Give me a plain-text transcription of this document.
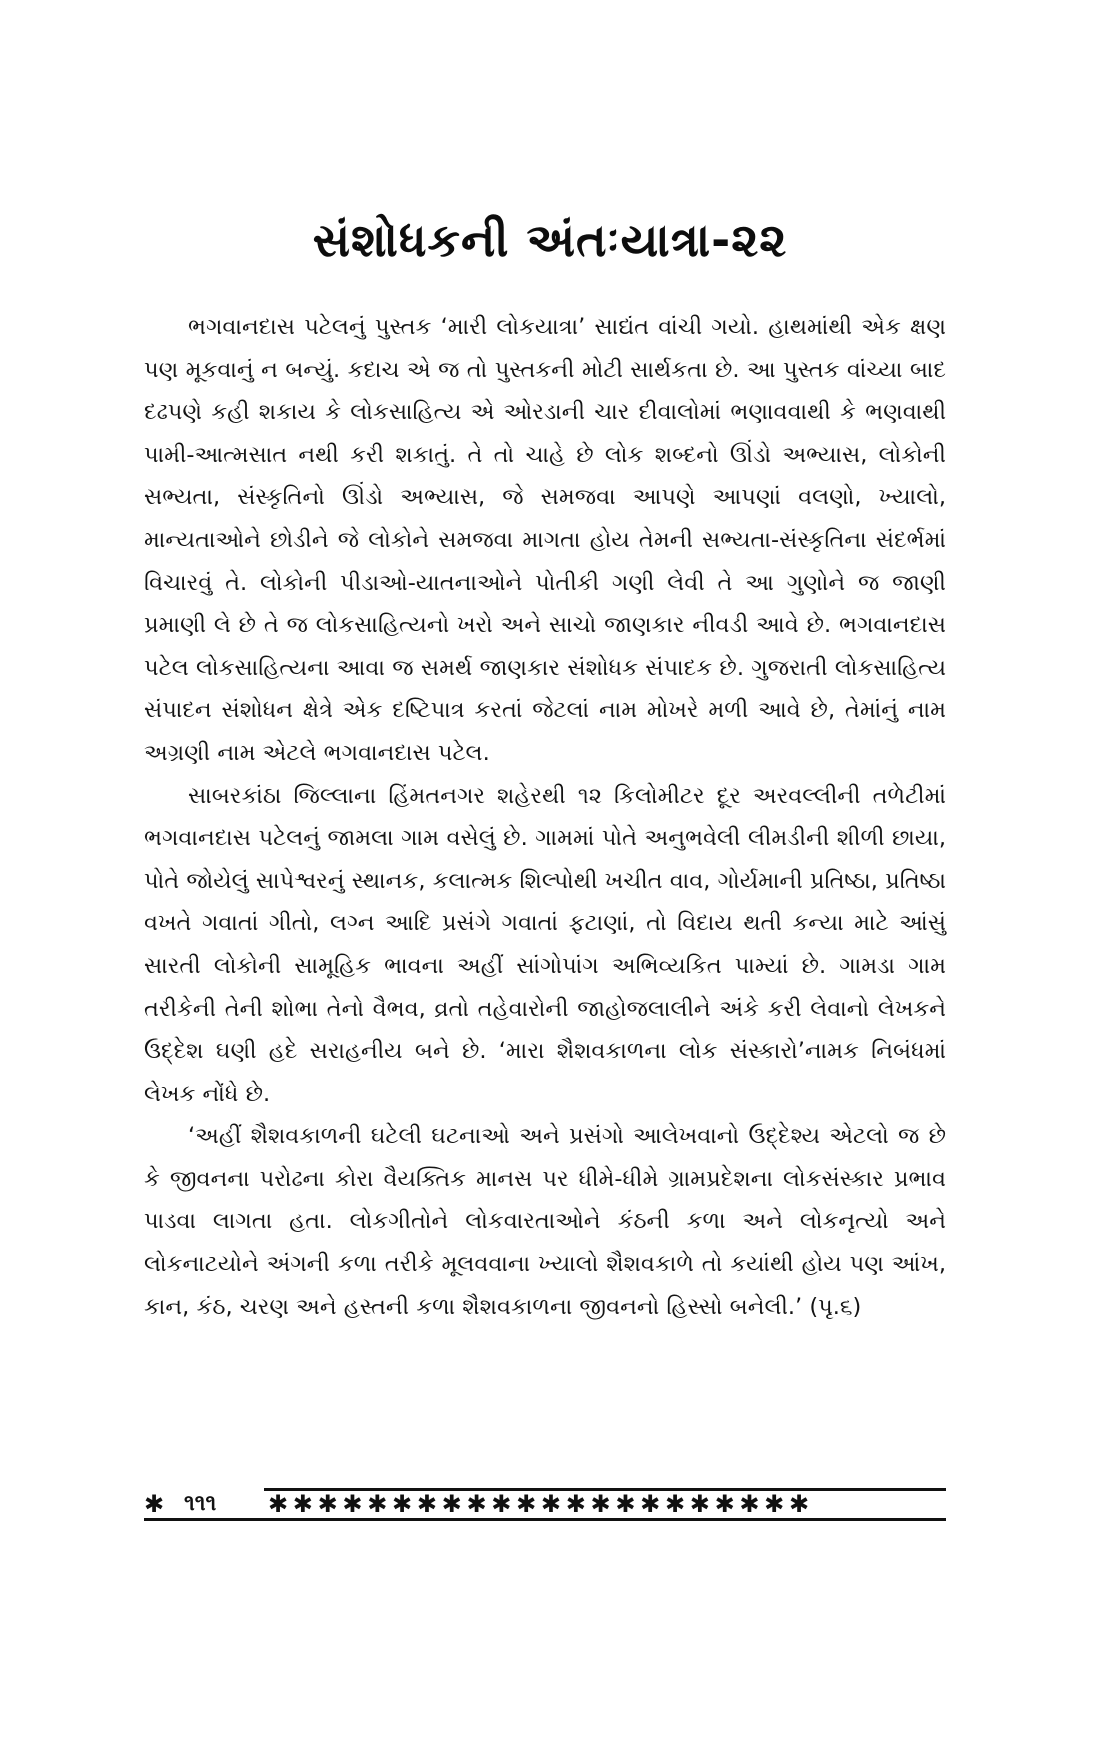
સંશોધકની અંતઃયાત્રા-૨૨

ભગવાનદાસ પટેલનું પુસ્તક ‘મારી લોકયાત્રા’ સાદ્યંત વાંચી ગયો. હાથમાંથી એક ક્ષણ પણ મૂકવાનું ન બન્યું. કદાચ એ જ તો પુસ્તકની મોટી સાર્થકતા છે. આ પુસ્તક વાંચ્યા બાદ દઢપણે કહી શકાય કે લોકસાહિત્ય એ ઓરડાની ચાર દીવાલોમાં ભણાવવાથી કે ભણવાથી પામી-આત્મસાત નથી કરી શકાતું. તે તો ચાહે છે લોક શબ્દનો ઊંડો અભ્યાસ, લોકોની સભ્યતા, સંસ્કૃતિનો ઊંડો અભ્યાસ, જે સમજવા આપણે આપણાં વલણો, ખ્યાલો, માન્યતાઓને છોડીને જે લોકોને સમજવા માગતા હોય તેમની સભ્યતા-સંસ્કૃતિના સંદર્ભમાં વિચારવું તે. લોકોની પીડાઓ-યાતનાઓને પોતીકી ગણી લેવી તે આ ગુણોને જ જાણી પ્રમાણી લે છે તે જ લોકસાહિત્યનો ખરો અને સાચો જાણકાર નીવડી આવે છે. ભગવાનદાસ પટેલ લોકસાહિત્યના આવા જ સમર્થ જાણકાર સંશોધક સંપાદક છે. ગુજરાતી લોકસાહિત્ય સંપાદન સંશોધન ક્ષેત્રે એક દષ્ટિપાત્ર કરતાં જેટલાં નામ મોખરે મળી આવે છે, તેમાંનું નામ અગ્રણી નામ એટલે ભગવાનદાસ પટેલ.

સાબરકાંઠા જિલ્લાના હિંમતનગર શહેરથી ૧૨ કિલોમીટર દૂર અરવલ્લીની તળેટીમાં ભગવાનદાસ પટેલનું જામલા ગામ વસેલું છે. ગામમાં પોતે અનુભવેલી લીમડીની શીળી છાયા, પોતે જોયેલું સાપેશ્વરનું સ્થાનક, કલાત્મક શિલ્પોથી ખચીત વાવ, ગોર્યમાની પ્રતિષ્ઠા, પ્રતિષ્ઠા વખતે ગવાતાં ગીતો, લગ્ન આદિ પ્રસંગે ગવાતાં ફટાણાં, તો વિદાય થતી કન્યા માટે આંસું સારતી લોકોની સામૂહિક ભાવના અહીં સાંગોપાંગ અભિવ્યકિત પામ્યાં છે. ગામડા ગામ તરીકેની તેની શોભા તેનો વૈભવ, વ્રતો તહેવારોની જાહોજલાલીને અંકે કરી લેવાનો લેખકને ઉદ્દેશ ઘણી હદે સરાહનીય બને છે. ‘મારા શૈશવકાળના લોક સંસ્કારો’નામક નિબંધમાં લેખક નોંધે છે.

‘અહીં શૈશવકાળની ઘટેલી ઘટનાઓ અને પ્રસંગો આલેખવાનો ઉદ્દેશ્ય એટલો જ છે કે જીવનના પરોઢના કોરા વૈયક્તિક માનસ પર ધીમે-ધીમે ગ્રામપ્રદેશના લોકસંસ્કાર પ્રભાવ પાડવા લાગતા હતા. લોકગીતોને લોકવારતાઓને કંઠની કળા અને લોકનૃત્યો અને લોકનાટયોને અંગની કળા તરીકે મૂલવવાના ખ્યાલો શૈશવકાળે તો કયાંથી હોય પણ આંખ, કાન, કંઠ, ચરણ અને હસ્તની કળા શૈશવકાળના જીવનનો હિસ્સો બનેલી.’ (પૃ.૬)

✱ ૧૧૧ ✱✱✱✱✱✱✱✱✱✱✱✱✱✱✱✱✱✱✱✱✱✱
